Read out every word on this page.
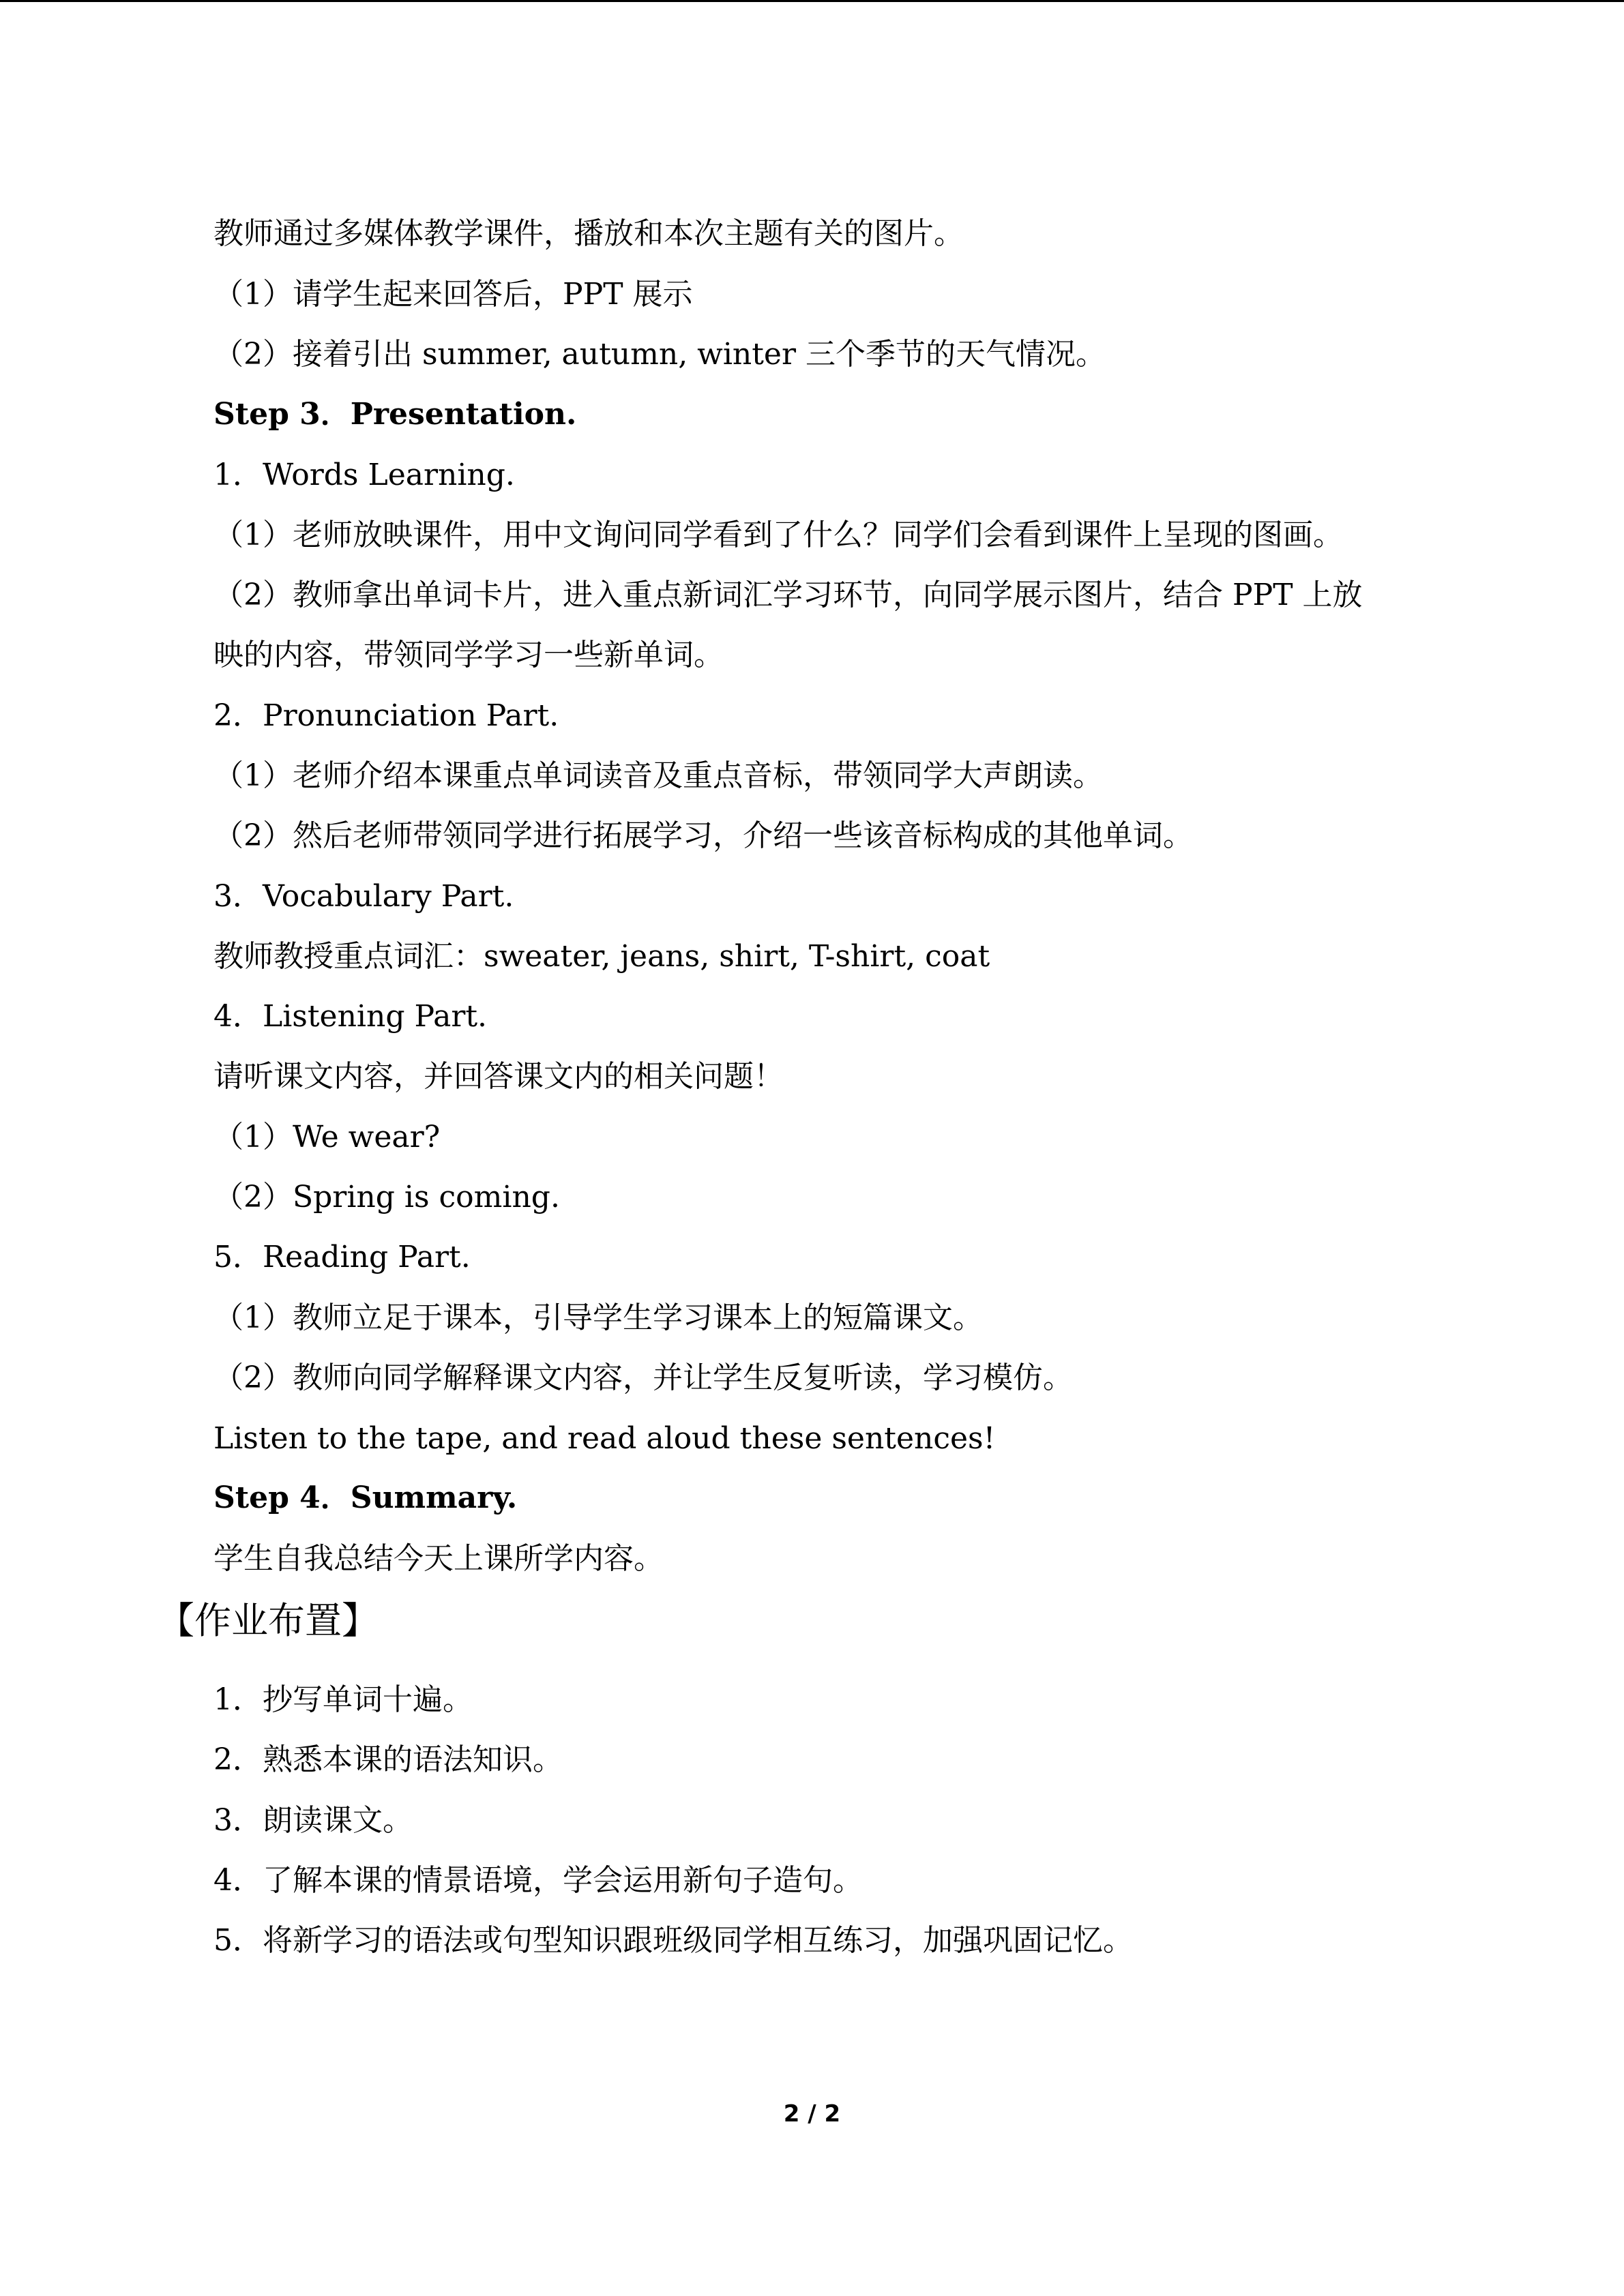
教师通过多媒体教学课件，播放和本次主题有关的图片。
（1）请学生起来回答后，PPT 展示
（2）接着引出 summer, autumn, winter 三个季节的天气情况。
Step 3．Presentation.
1．Words Learning.
（1）老师放映课件，用中文询问同学看到了什么？同学们会看到课件上呈现的图画。
（2）教师拿出单词卡片，进入重点新词汇学习环节，向同学展示图片，结合 PPT 上放
映的内容，带领同学学习一些新单词。
2．Pronunciation Part.
（1）老师介绍本课重点单词读音及重点音标，带领同学大声朗读。
（2）然后老师带领同学进行拓展学习，介绍一些该音标构成的其他单词。
3．Vocabulary Part.
教师教授重点词汇：sweater, jeans, shirt, T-shirt, coat
4．Listening Part.
请听课文内容，并回答课文内的相关问题！
（1）We wear?
（2）Spring is coming.
5．Reading Part.
（1）教师立足于课本，引导学生学习课本上的短篇课文。
（2）教师向同学解释课文内容，并让学生反复听读，学习模仿。
Listen to the tape, and read aloud these sentences!
Step 4．Summary.
学生自我总结今天上课所学内容。
【作业布置】
1．抄写单词十遍。
2．熟悉本课的语法知识。
3．朗读课文。
4．了解本课的情景语境，学会运用新句子造句。
5．将新学习的语法或句型知识跟班级同学相互练习，加强巩固记忆。
2 / 2
